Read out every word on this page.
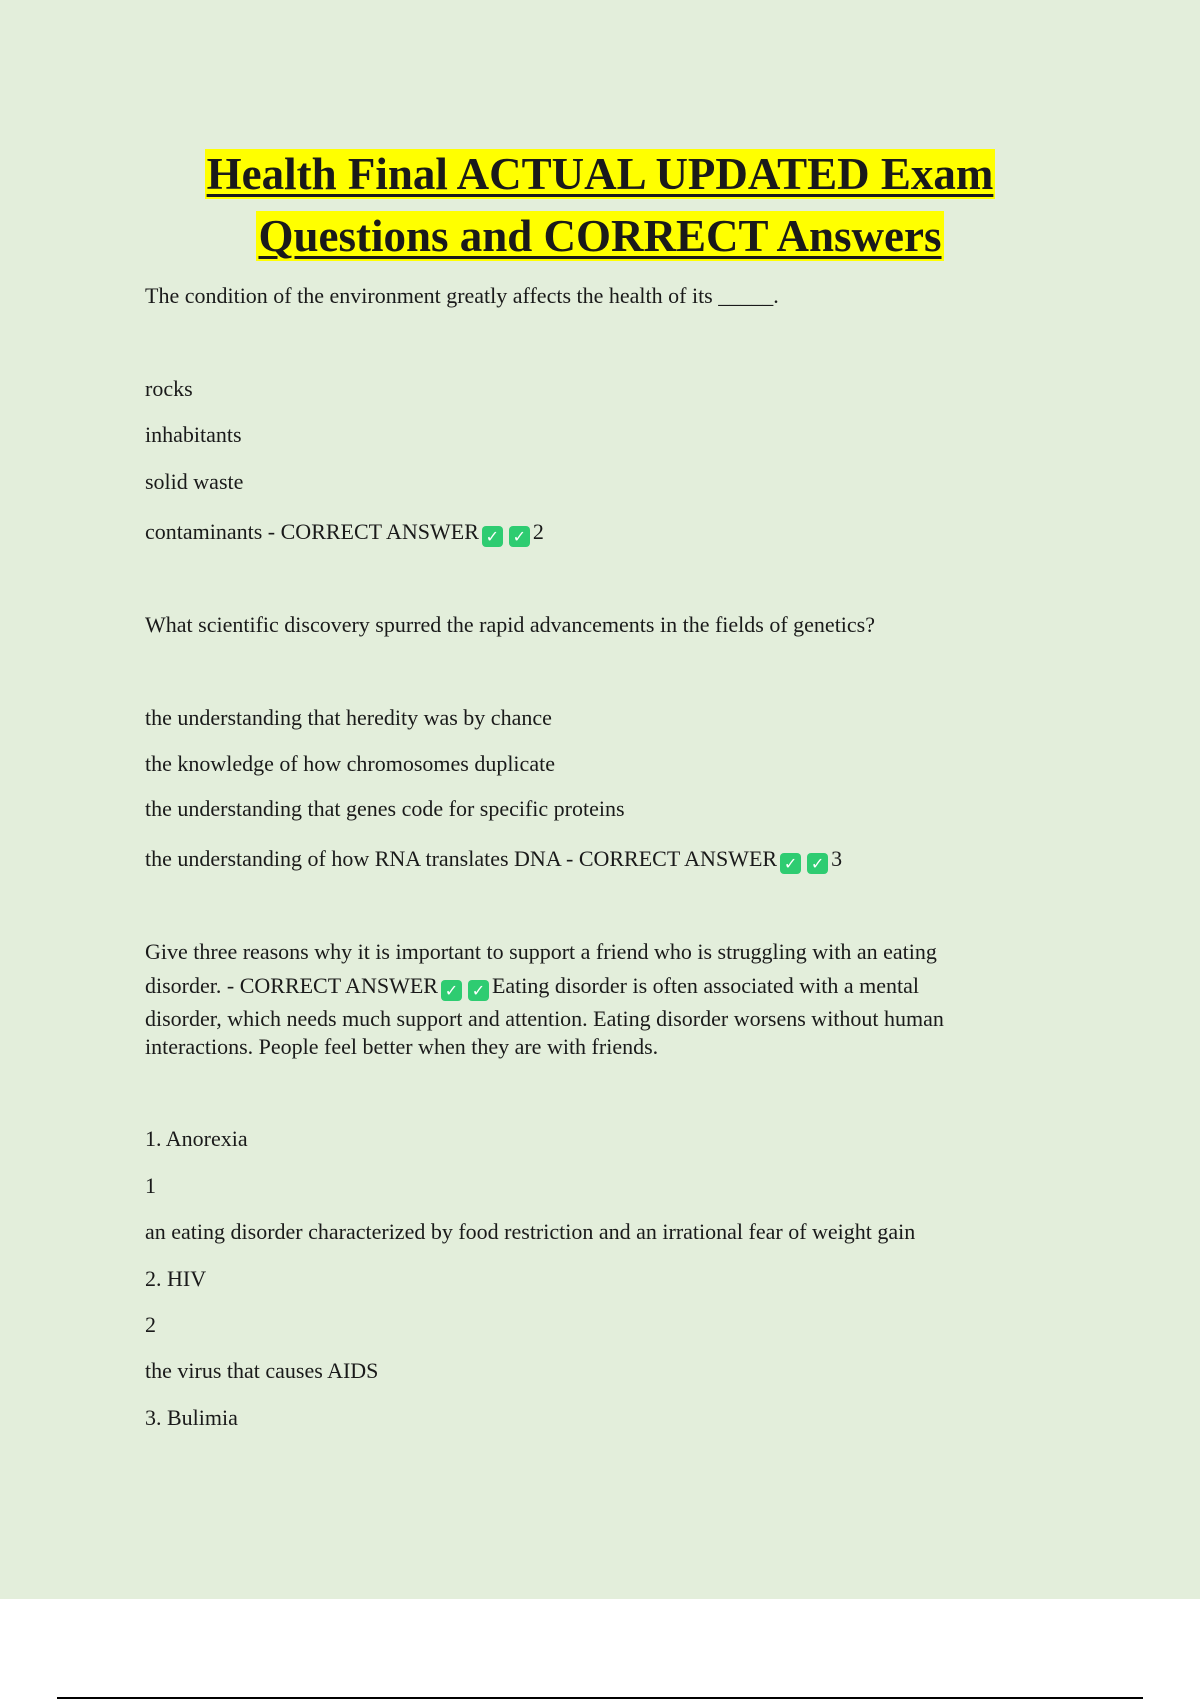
Health Final ACTUAL UPDATED Exam
Questions and CORRECT Answers
The condition of the environment greatly affects the health of its _____.
rocks
inhabitants
solid waste
contaminants - CORRECT ANSWER ✓ ✓ 2
What scientific discovery spurred the rapid advancements in the fields of genetics?
the understanding that heredity was by chance
the knowledge of how chromosomes duplicate
the understanding that genes code for specific proteins
the understanding of how RNA translates DNA - CORRECT ANSWER ✓ ✓ 3
Give three reasons why it is important to support a friend who is struggling with an eating
disorder. - CORRECT ANSWER ✓ ✓ Eating disorder is often associated with a mental
disorder, which needs much support and attention. Eating disorder worsens without human
interactions. People feel better when they are with friends.
1. Anorexia
1
an eating disorder characterized by food restriction and an irrational fear of weight gain
2. HIV
2
the virus that causes AIDS
3. Bulimia
